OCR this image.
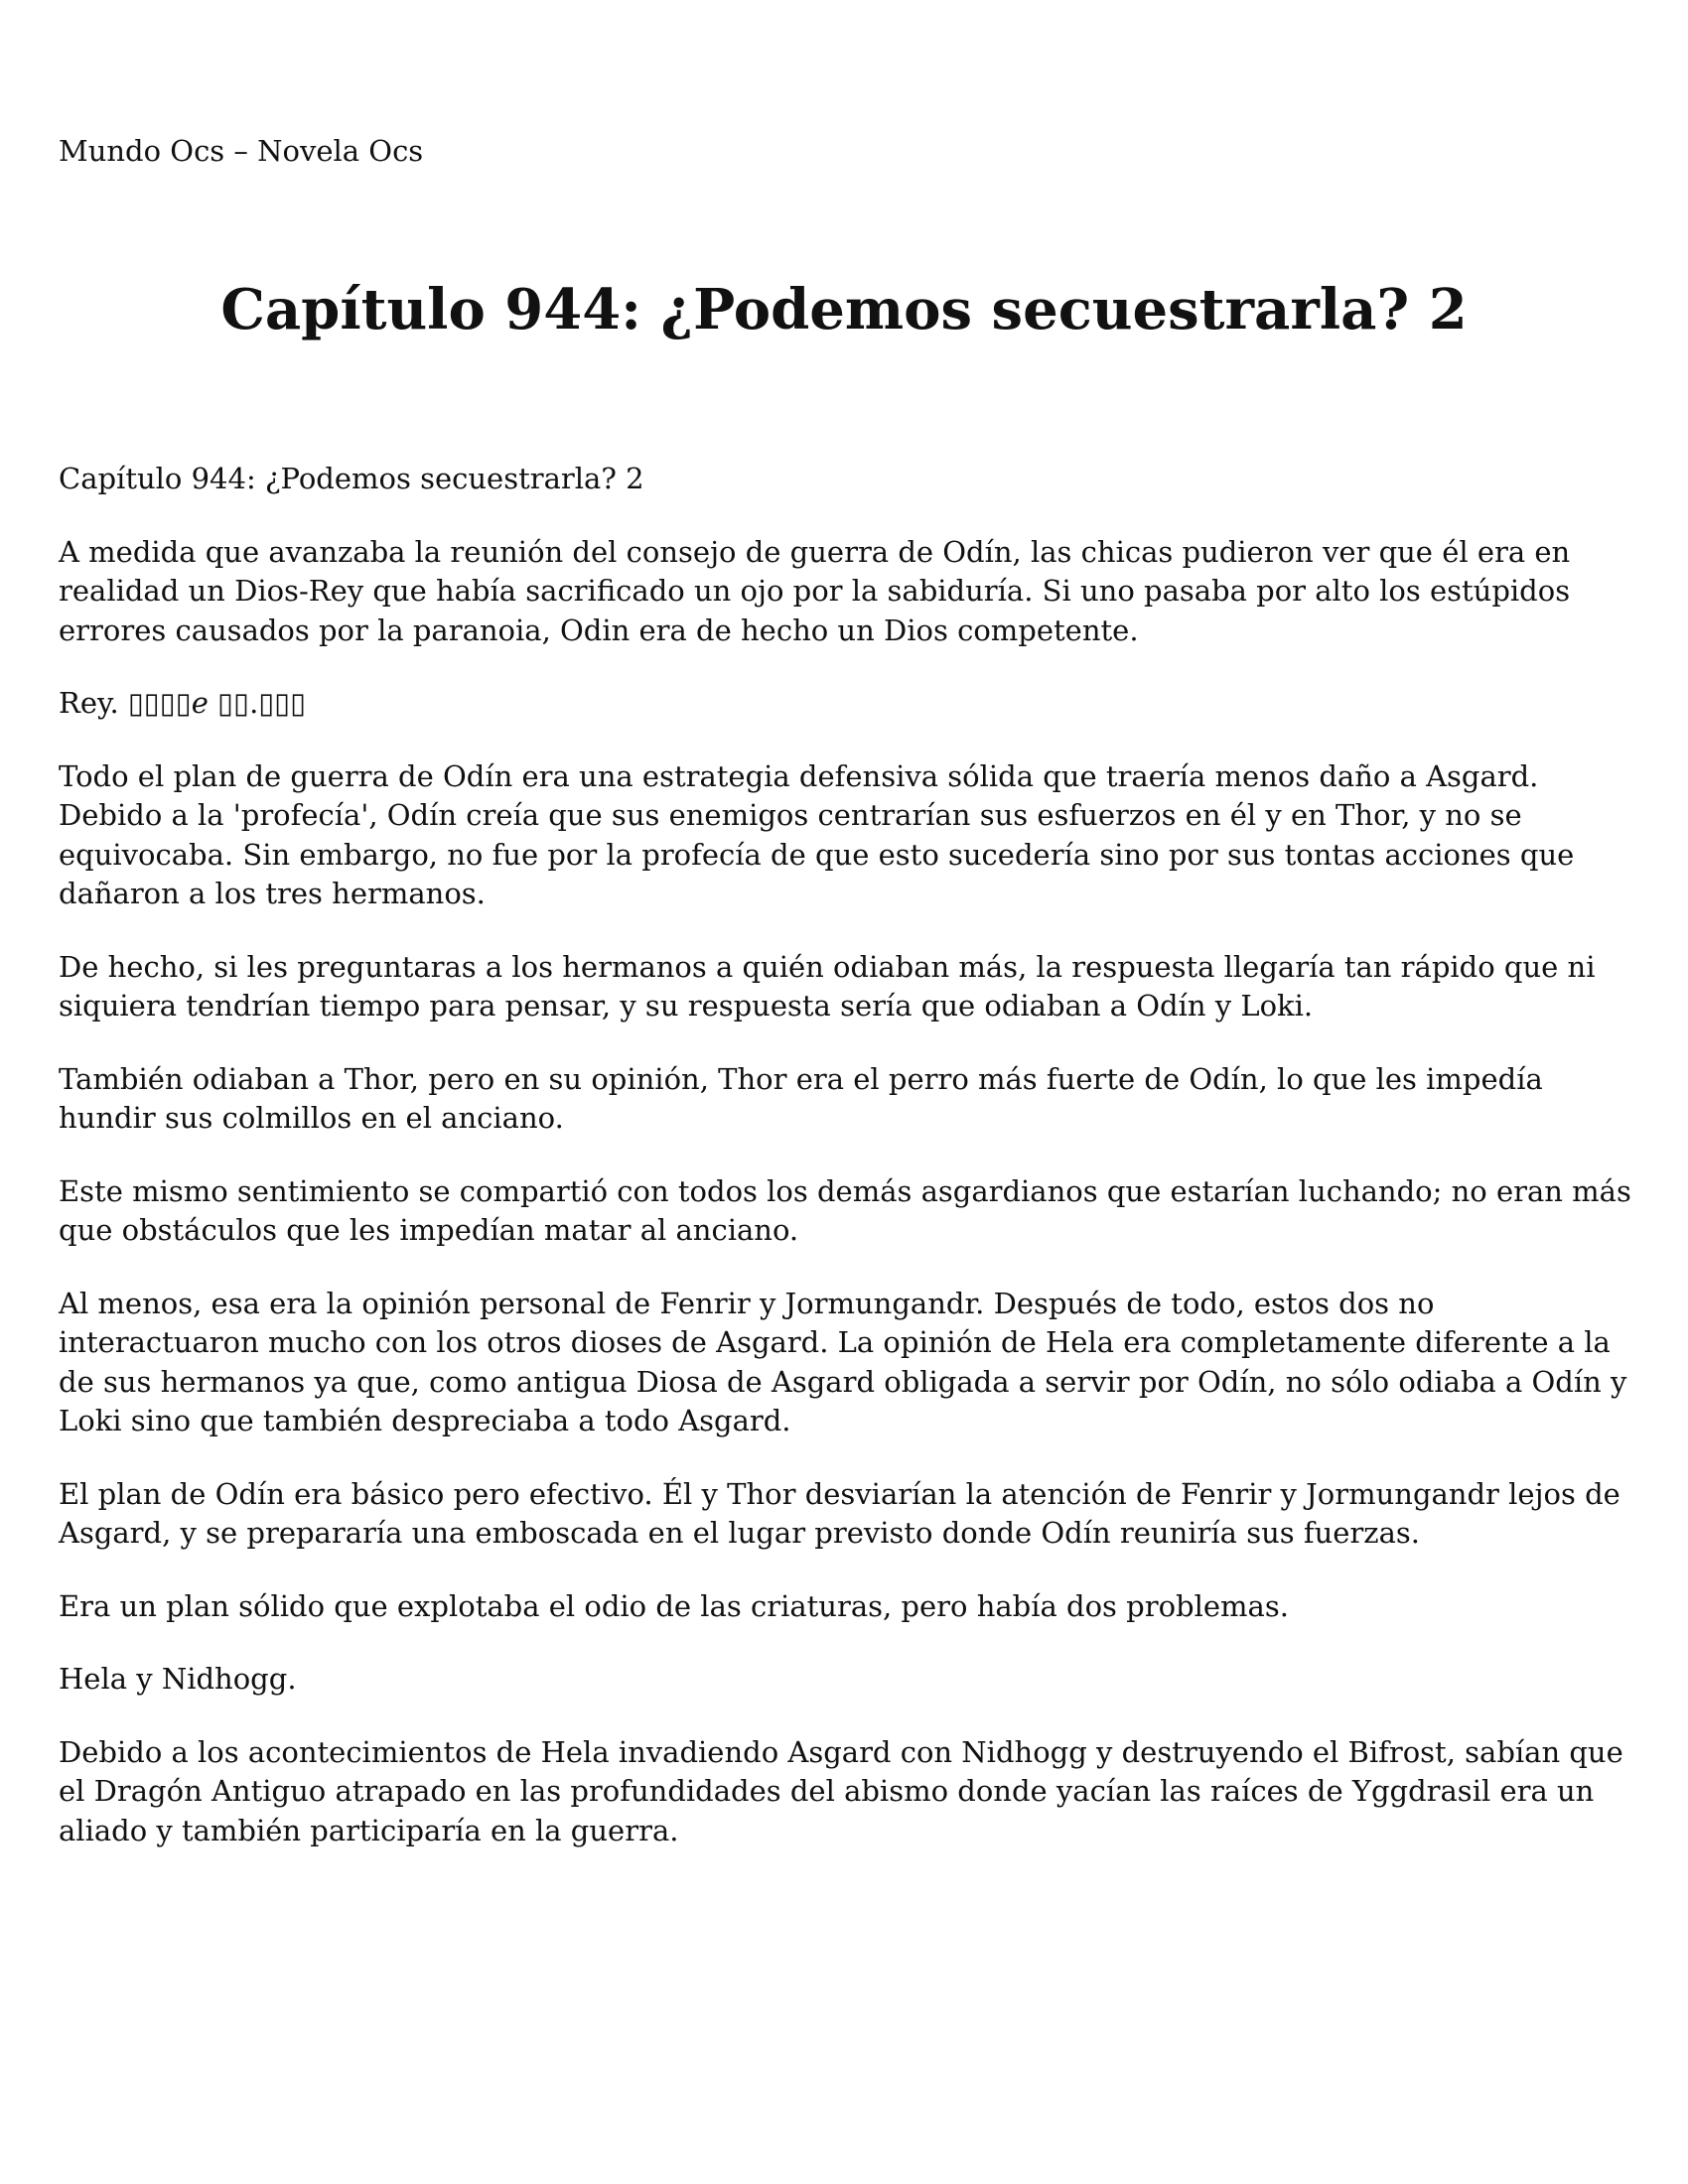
Mundo Ocs – Novela Ocs
Capítulo 944: ¿Podemos secuestrarla? 2

Capítulo 944: ¿Podemos secuestrarla? 2

A medida que avanzaba la reunión del consejo de guerra de Odín, las chicas pudieron ver que él era en realidad un Dios-Rey que había sacrificado un ojo por la sabiduría. Si uno pasaba por alto los estúpidos errores causados por la paranoia, Odin era de hecho un Dios competente.

Rey. ▯▯▯▯ℯ ▯▯.▯▯▯

Todo el plan de guerra de Odín era una estrategia defensiva sólida que traería menos daño a Asgard. Debido a la 'profecía', Odín creía que sus enemigos centrarían sus esfuerzos en él y en Thor, y no se equivocaba. Sin embargo, no fue por la profecía de que esto sucedería sino por sus tontas acciones que dañaron a los tres hermanos.

De hecho, si les preguntaras a los hermanos a quién odiaban más, la respuesta llegaría tan rápido que ni siquiera tendrían tiempo para pensar, y su respuesta sería que odiaban a Odín y Loki.

También odiaban a Thor, pero en su opinión, Thor era el perro más fuerte de Odín, lo que les impedía hundir sus colmillos en el anciano.

Este mismo sentimiento se compartió con todos los demás asgardianos que estarían luchando; no eran más que obstáculos que les impedían matar al anciano.

Al menos, esa era la opinión personal de Fenrir y Jormungandr. Después de todo, estos dos no interactuaron mucho con los otros dioses de Asgard. La opinión de Hela era completamente diferente a la de sus hermanos ya que, como antigua Diosa de Asgard obligada a servir por Odín, no sólo odiaba a Odín y Loki sino que también despreciaba a todo Asgard.

El plan de Odín era básico pero efectivo. Él y Thor desviarían la atención de Fenrir y Jormungandr lejos de Asgard, y se prepararía una emboscada en el lugar previsto donde Odín reuniría sus fuerzas.

Era un plan sólido que explotaba el odio de las criaturas, pero había dos problemas.

Hela y Nidhogg.

Debido a los acontecimientos de Hela invadiendo Asgard con Nidhogg y destruyendo el Bifrost, sabían que el Dragón Antiguo atrapado en las profundidades del abismo donde yacían las raíces de Yggdrasil era un aliado y también participaría en la guerra.
